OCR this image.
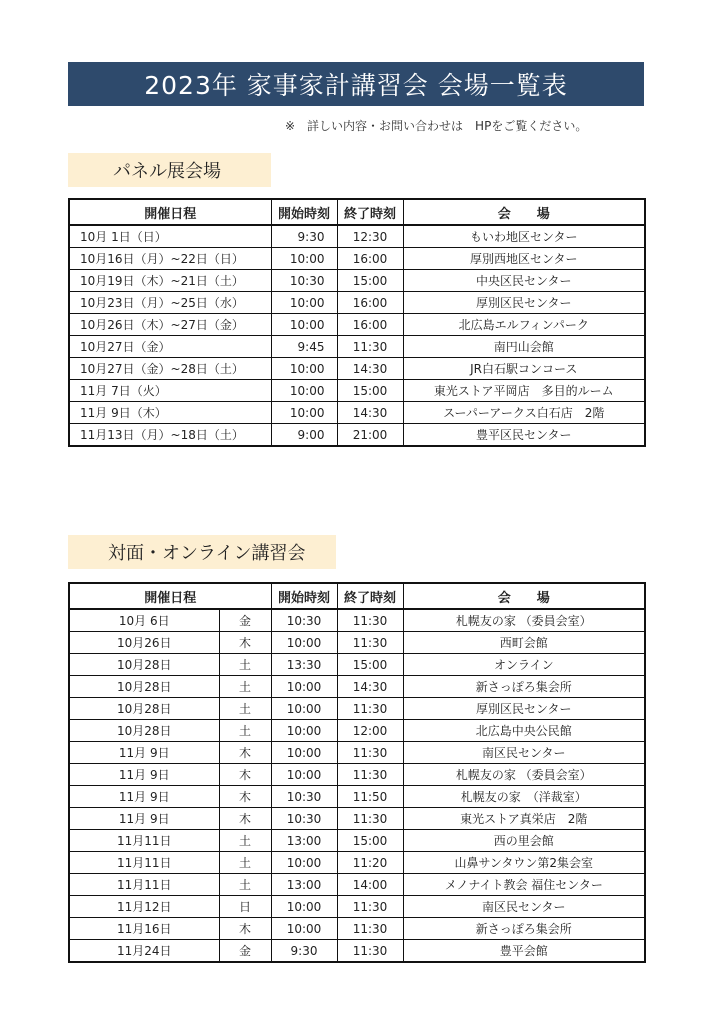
2023年 家事家計講習会 会場一覧表
※　詳しい内容・お問い合わせは　HPをご覧ください。
パネル展会場
開催日程	開始時刻	終了時刻	会　　場
10月 1日（日）	9:30	12:30	もいわ地区センター
10月16日（月）~22日（日）	10:00	16:00	厚別西地区センター
10月19日（木）~21日（土）	10:30	15:00	中央区民センター
10月23日（月）~25日（水）	10:00	16:00	厚別区民センター
10月26日（木）~27日（金）	10:00	16:00	北広島エルフィンパーク
10月27日（金）	9:45	11:30	南円山会館
10月27日（金）~28日（土）	10:00	14:30	JR白石駅コンコース
11月 7日（火）	10:00	15:00	東光ストア平岡店　多目的ルーム
11月 9日（木）	10:00	14:30	スーパーアークス白石店　2階
11月13日（月）~18日（土）	9:00	21:00	豊平区民センター
対面・オンライン講習会
開催日程		開始時刻	終了時刻	会　　場
10月 6日	金	10:30	11:30	札幌友の家 （委員会室）
10月26日	木	10:00	11:30	西町会館
10月28日	土	13:30	15:00	オンライン
10月28日	土	10:00	14:30	新さっぽろ集会所
10月28日	土	10:00	11:30	厚別区民センター
10月28日	土	10:00	12:00	北広島中央公民館
11月 9日	木	10:00	11:30	南区民センター
11月 9日	木	10:00	11:30	札幌友の家 （委員会室）
11月 9日	木	10:30	11:50	札幌友の家　（洋裁室）
11月 9日	木	10:30	11:30	東光ストア真栄店　2階
11月11日	土	13:00	15:00	西の里会館
11月11日	土	10:00	11:20	山鼻サンタウン第2集会室
11月11日	土	13:00	14:00	メノナイト教会 福住センター
11月12日	日	10:00	11:30	南区民センター
11月16日	木	10:00	11:30	新さっぽろ集会所
11月24日	金	9:30	11:30	豊平会館
